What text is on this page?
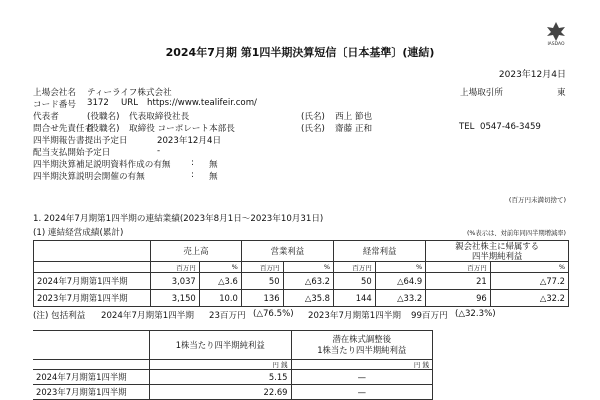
JASDAQ
2024年7月期 第1四半期決算短信〔日本基準〕(連結)
2023年12月4日
上場会社名 ティーライフ株式会社	上場取引所	東
コード番号 3172 URL https://www.tealifeir.com/
代表者	(役職名) 代表取締役社長	(氏名) 西上 節也
問合せ先責任者
(役職名) 取締役 コーポレート本部長	(氏名) 齋藤 正和	TEL 0547-46-3459
四半期報告書提出予定日	2023年12月4日
配当支払開始予定日	-
四半期決算補足説明資料作成の有無 : 無
四半期決算説明会開催の有無	: 無
(百万円未満切捨て)
1. 2024年7月期第1四半期の連結業績(2023年8月1日～2023年10月31日)
(1) 連結経営成績(累計)	(%表示は、対前年同四半期増減率)
	売上高		営業利益		経常利益		親会社株主に帰属する
四半期純利益	
	百万円	%	百万円	%	百万円	%	百万円	%
2024年7月期第1四半期	3,037	△3.6	50	△63.2	50	△64.9	21	△77.2
2023年7月期第1四半期	3,150	10.0	136	△35.8	144	△33.2	96	△32.2
(注) 包括利益 2024年7月期第1四半期 23百万円 (△76.5%) 2023年7月期第1四半期 99百万円 (△32.3%)
	1株当たり四半期純利益	潜在株式調整後
1株当たり四半期純利益
	円 銭	円 銭
2024年7月期第1四半期	5.15	—
2023年7月期第1四半期	22.69	—
